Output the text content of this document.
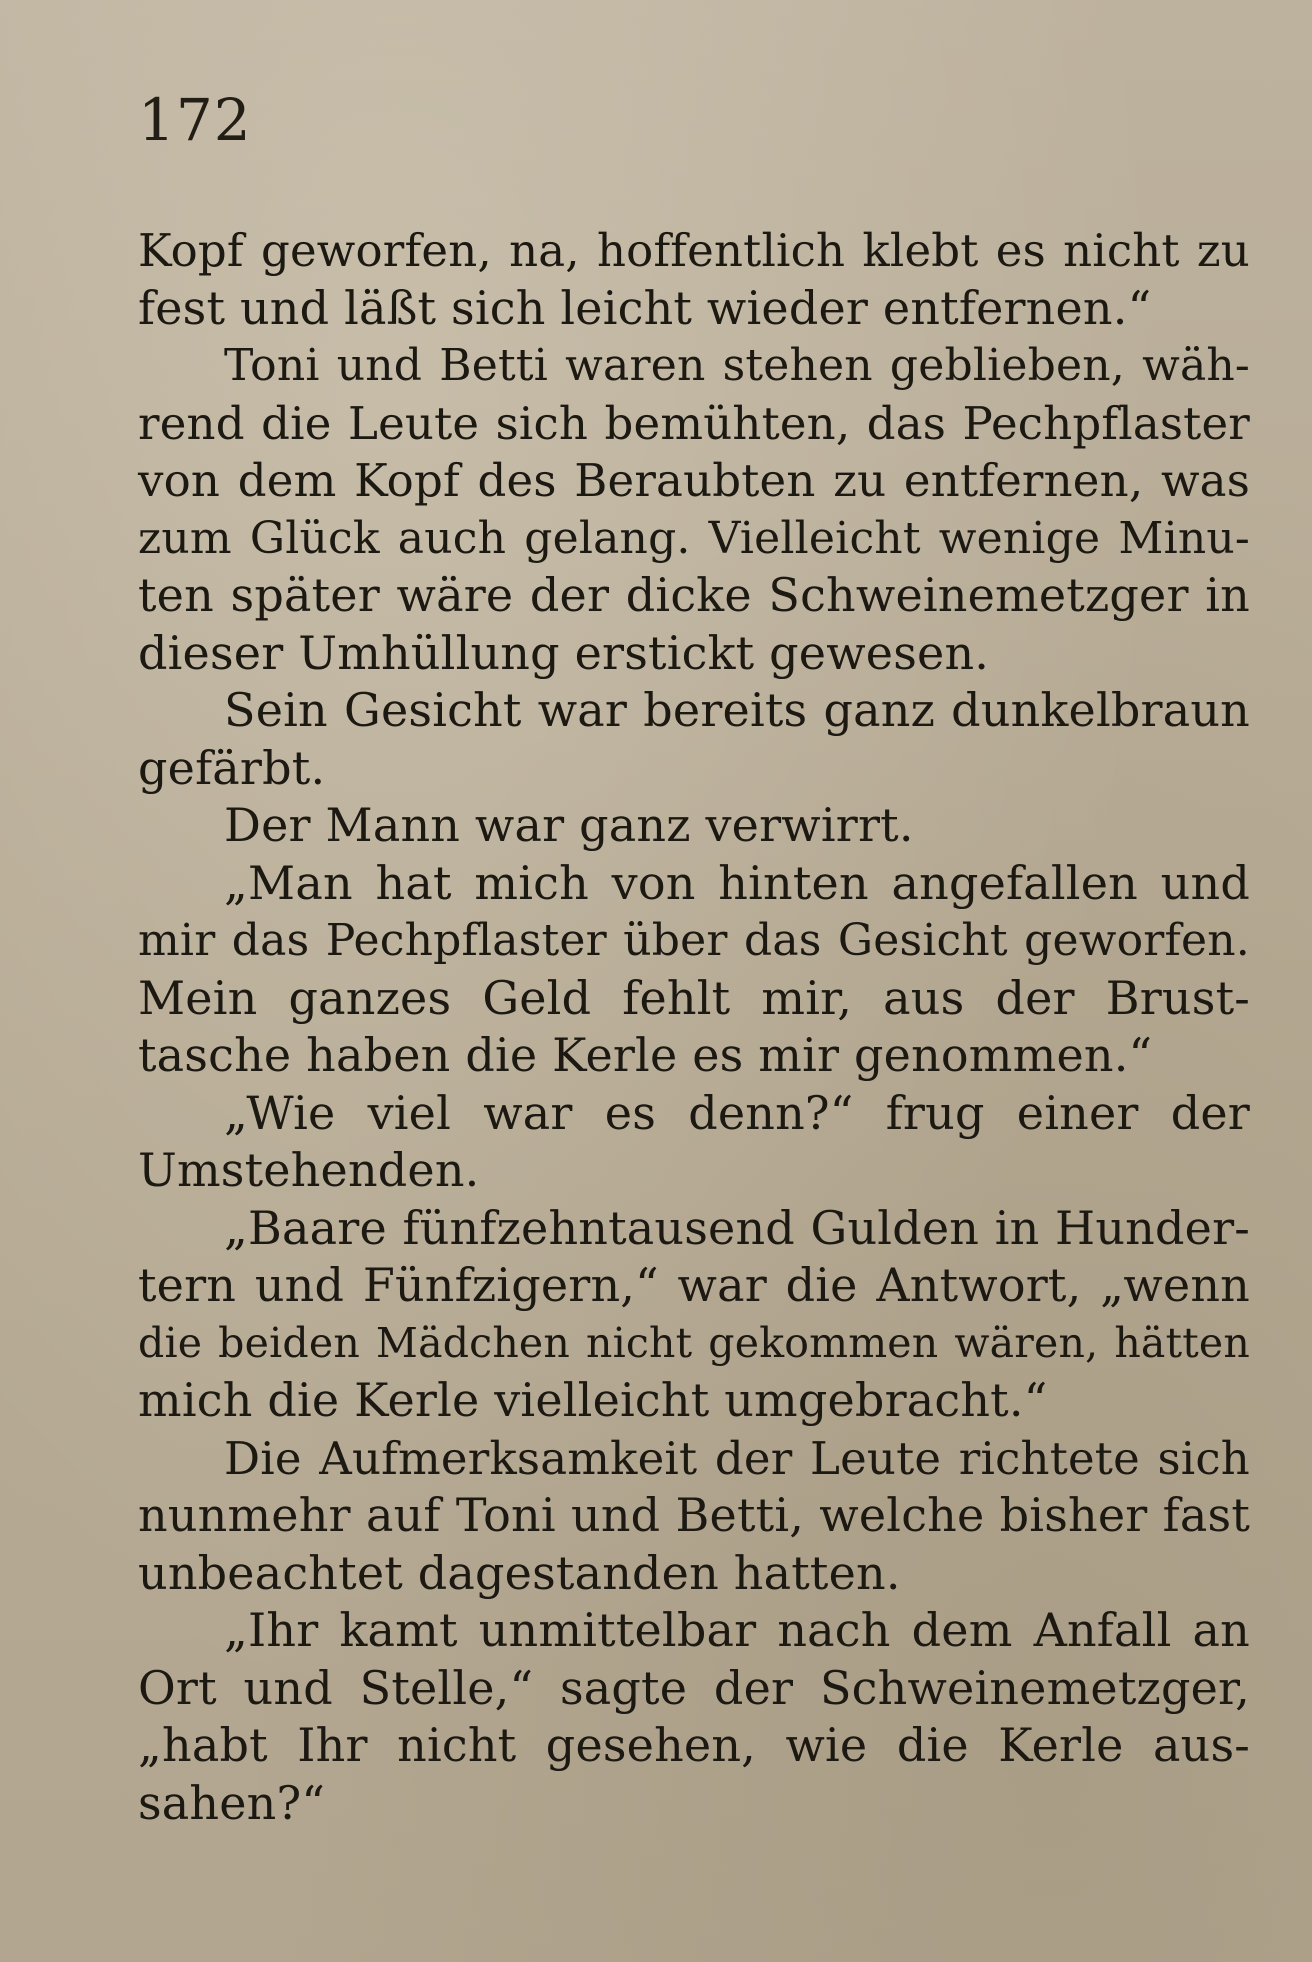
172
Kopf geworfen, na, hoffentlich klebt es nicht zu
fest und läßt sich leicht wieder entfernen.“
Toni und Betti waren stehen geblieben, wäh-
rend die Leute sich bemühten, das Pechpflaster
von dem Kopf des Beraubten zu entfernen, was
zum Glück auch gelang. Vielleicht wenige Minu-
ten später wäre der dicke Schweinemetzger in
dieser Umhüllung erstickt gewesen.
Sein Gesicht war bereits ganz dunkelbraun
gefärbt.
Der Mann war ganz verwirrt.
„Man hat mich von hinten angefallen und
mir das Pechpflaster über das Gesicht geworfen.
Mein ganzes Geld fehlt mir, aus der Brust-
tasche haben die Kerle es mir genommen.“
„Wie viel war es denn?“ frug einer der
Umstehenden.
„Baare fünfzehntausend Gulden in Hunder-
tern und Fünfzigern,“ war die Antwort, „wenn
die beiden Mädchen nicht gekommen wären, hätten
mich die Kerle vielleicht umgebracht.“
Die Aufmerksamkeit der Leute richtete sich
nunmehr auf Toni und Betti, welche bisher fast
unbeachtet dagestanden hatten.
„Ihr kamt unmittelbar nach dem Anfall an
Ort und Stelle,“ sagte der Schweinemetzger,
„habt Ihr nicht gesehen, wie die Kerle aus-
sahen?“
